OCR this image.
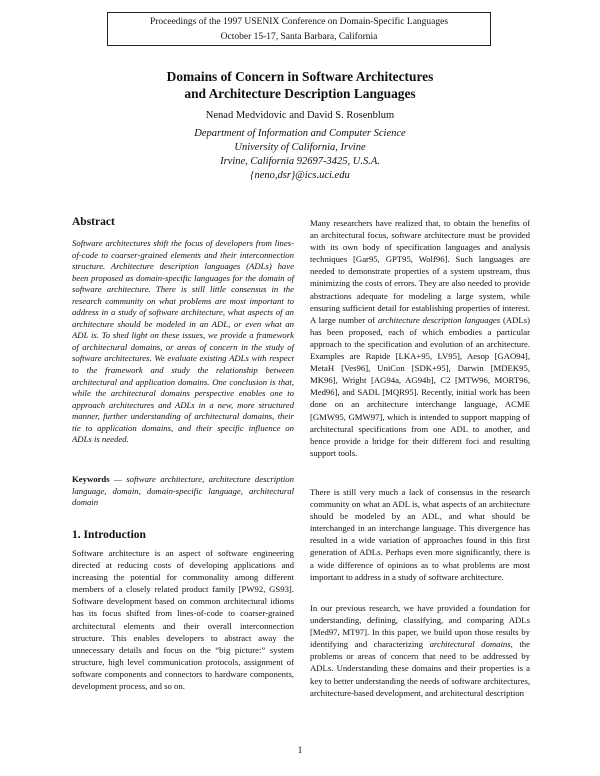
Proceedings of the 1997 USENIX Conference on Domain-Specific Languages
October 15-17, Santa Barbara, California
Domains of Concern in Software Architectures
and Architecture Description Languages
Nenad Medvidovic and David S. Rosenblum
Department of Information and Computer Science
University of California, Irvine
Irvine, California 92697-3425, U.S.A.
{neno,dsr}@ics.uci.edu
Abstract

Software architectures shift the focus of developers from lines-of-code to coarser-grained elements and their interconnection structure. Architecture description languages (ADLs) have been proposed as domain-specific languages for the domain of software architecture. There is still little consensus in the research community on what problems are most important to address in a study of software architecture, what aspects of an architecture should be modeled in an ADL, or even what an ADL is. To shed light on these issues, we provide a framework of architectural domains, or areas of concern in the study of software architectures. We evaluate existing ADLs with respect to the framework and study the relationship between architectural and application domains. One conclusion is that, while the architectural domains perspective enables one to approach architectures and ADLs in a new, more structured manner, further understanding of architectural domains, their tie to application domains, and their specific influence on ADLs is needed.

Keywords — software architecture, architecture description language, domain, domain-specific language, architectural domain

1. Introduction

Software architecture is an aspect of software engineering directed at reducing costs of developing applications and increasing the potential for commonality among different members of a closely related product family [PW92, GS93]. Software development based on common architectural idioms has its focus shifted from lines-of-code to coarser-grained architectural elements and their overall interconnection structure. This enables developers to abstract away the unnecessary details and focus on the “big picture:” system structure, high level communication protocols, assignment of software components and connectors to hardware components, development process, and so on.

Many researchers have realized that, to obtain the benefits of an architectural focus, software architecture must be provided with its own body of specification languages and analysis techniques [Gar95, GPT95, Wolf96]. Such languages are needed to demonstrate properties of a system upstream, thus minimizing the costs of errors. They are also needed to provide abstractions adequate for modeling a large system, while ensuring sufficient detail for establishing properties of interest. A large number of architecture description languages (ADLs) has been proposed, each of which embodies a particular approach to the specification and evolution of an architecture. Examples are Rapide [LKA+95, LV95], Aesop [GAO94], MetaH [Ves96], UniCon [SDK+95], Darwin [MDEK95, MK96], Wright [AG94a, AG94b], C2 [MTW96, MORT96, Med96], and SADL [MQR95]. Recently, initial work has been done on an architecture interchange language, ACME [GMW95, GMW97], which is intended to support mapping of architectural specifications from one ADL to another, and hence provide a bridge for their different foci and resulting support tools.

There is still very much a lack of consensus in the research community on what an ADL is, what aspects of an architecture should be modeled by an ADL, and what should be interchanged in an interchange language. This divergence has resulted in a wide variation of approaches found in this first generation of ADLs. Perhaps even more significantly, there is a wide difference of opinions as to what problems are most important to address in a study of software architecture.

In our previous research, we have provided a foundation for understanding, defining, classifying, and comparing ADLs [Med97, MT97]. In this paper, we build upon those results by identifying and characterizing architectural domains, the problems or areas of concern that need to be addressed by ADLs. Understanding these domains and their properties is a key to better understanding the needs of software architectures, architecture-based development, and architectural description

1
